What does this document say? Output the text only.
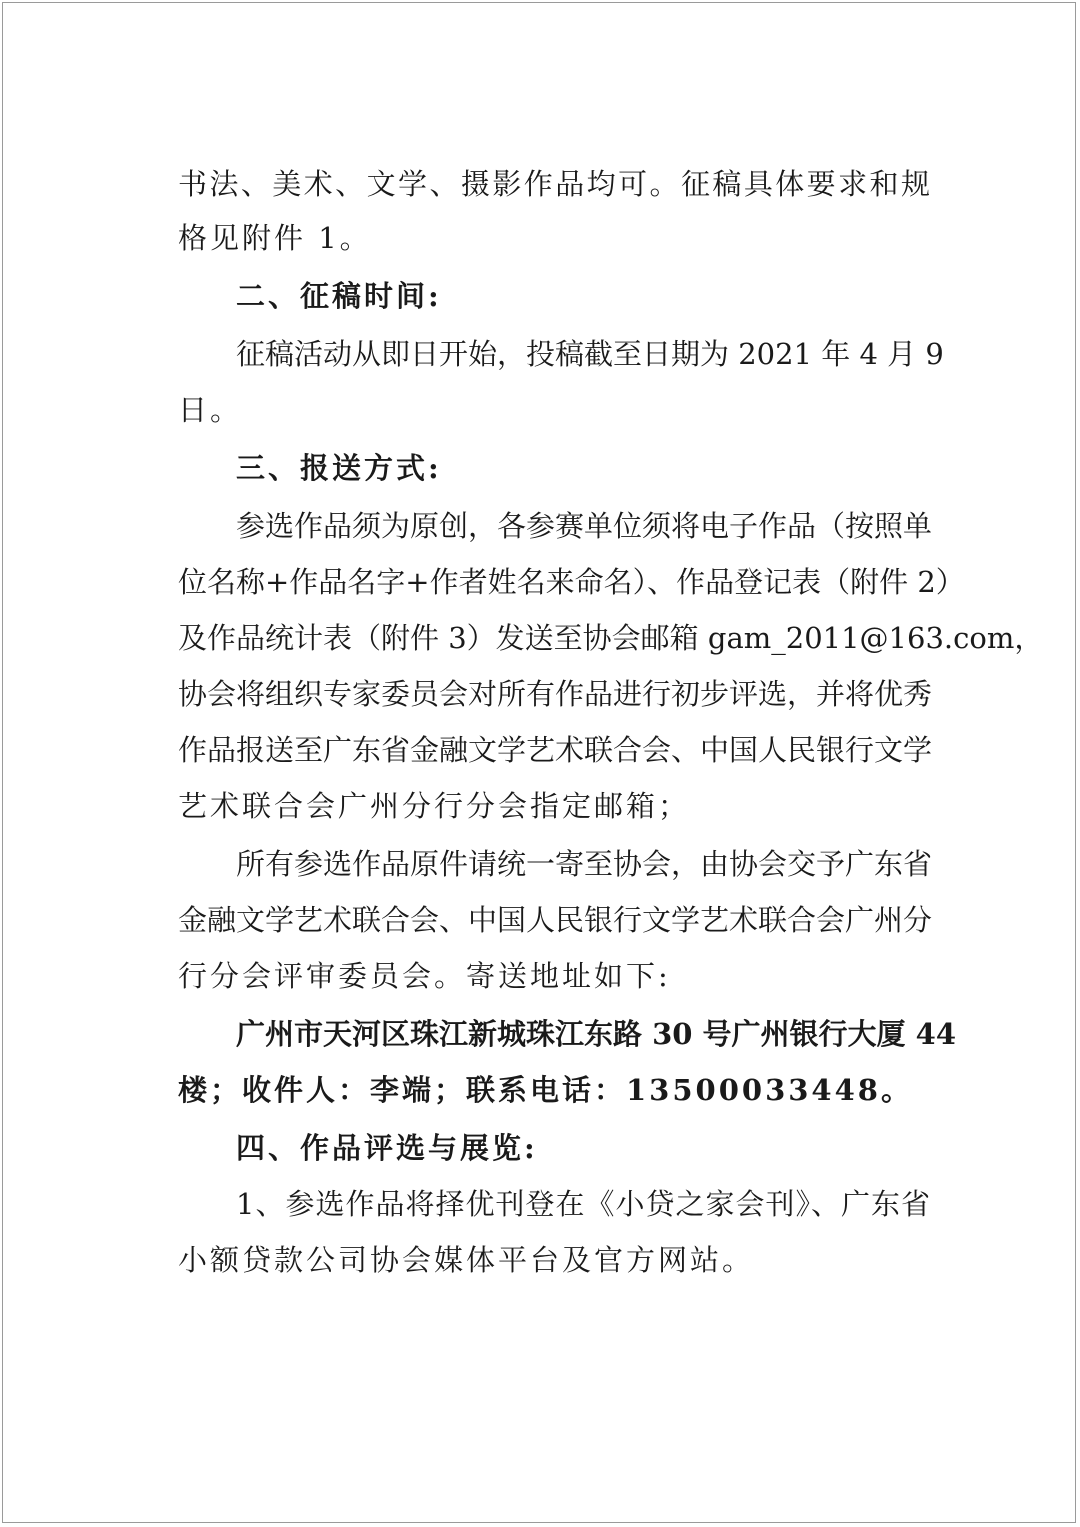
书法、美术、文学、摄影作品均可。征稿具体要求和规
格见附件 1。
二、征稿时间:
征稿活动从即日开始，投稿截至日期为 2021 年 4 月 9
日。
三、报送方式:
参选作品须为原创，各参赛单位须将电子作品（按照单
位名称+作品名字+作者姓名来命名）、作品登记表（附件 2）
及作品统计表（附件 3）发送至协会邮箱 gam_2011@163.com，
协会将组织专家委员会对所有作品进行初步评选，并将优秀
作品报送至广东省金融文学艺术联合会、中国人民银行文学
艺术联合会广州分行分会指定邮箱；
所有参选作品原件请统一寄至协会，由协会交予广东省
金融文学艺术联合会、中国人民银行文学艺术联合会广州分
行分会评审委员会。寄送地址如下:
广州市天河区珠江新城珠江东路 30 号广州银行大厦 44
楼；收件人：李端；联系电话：13500033448。
四、作品评选与展览:
1、参选作品将择优刊登在《小贷之家会刊》、广东省
小额贷款公司协会媒体平台及官方网站。
